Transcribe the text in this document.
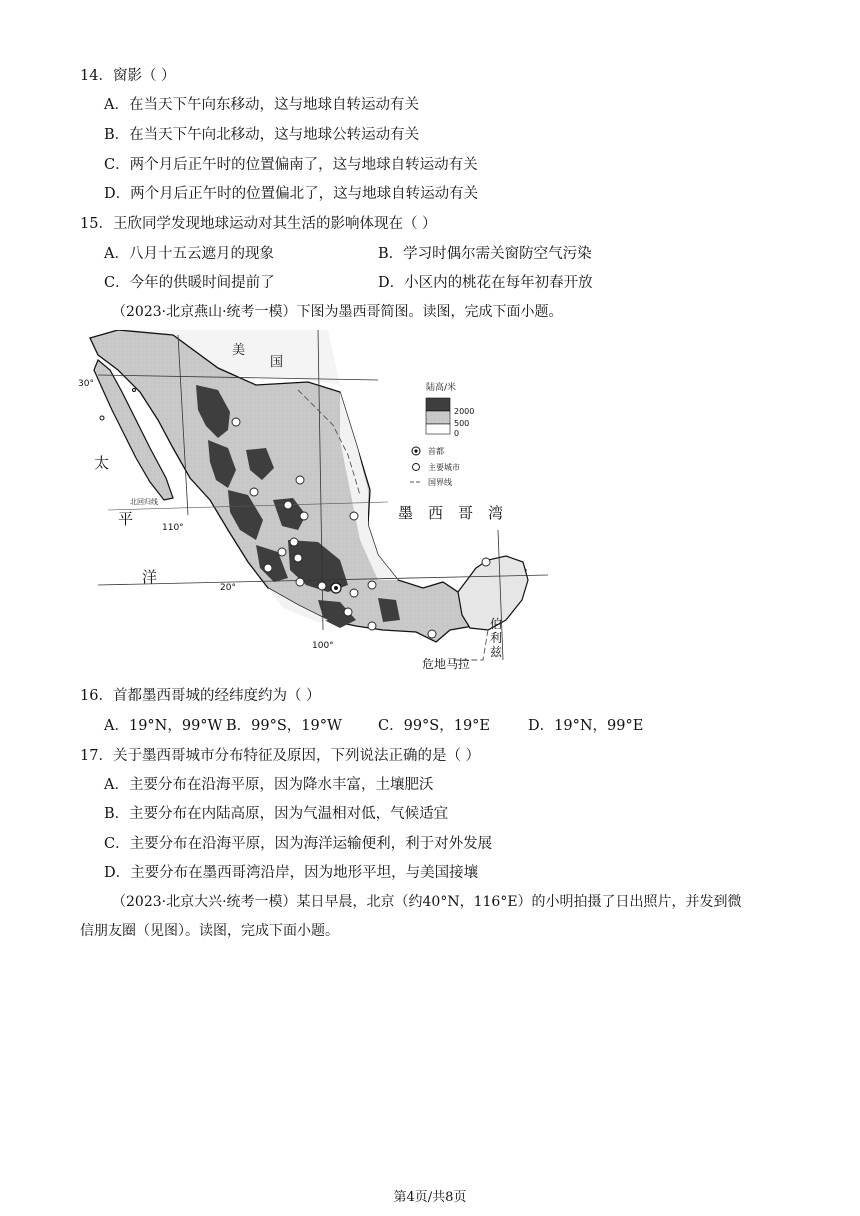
14．窗影（ ）
A．在当天下午向东移动，这与地球自转运动有关
B．在当天下午向北移动，这与地球公转运动有关
C．两个月后正午时的位置偏南了，这与地球自转运动有关
D．两个月后正午时的位置偏北了，这与地球自转运动有关
15．王欣同学发现地球运动对其生活的影响体现在（ ）
A．八月十五云遮月的现象	B．学习时偶尔需关窗防空气污染
C．今年的供暖时间提前了	D．小区内的桃花在每年初春开放
（2023·北京燕山·统考一模）下图为墨西哥简图。读图，完成下面小题。
美
国
太
平
洋
墨　西　哥　湾
危地马拉
伯
利
兹
北回归线
30°
20°
110°
100°
陆高/米
2000
500
0
首都
主要城市
国界线
16．首都墨西哥城的经纬度约为（ ）
A．19°N，99°W B．99°S，19°W C．99°S，19°E	D．19°N，99°E
17．关于墨西哥城市分布特征及原因，下列说法正确的是（ ）
A．主要分布在沿海平原，因为降水丰富，土壤肥沃
B．主要分布在内陆高原，因为气温相对低，气候适宜
C．主要分布在沿海平原，因为海洋运输便利，利于对外发展
D．主要分布在墨西哥湾沿岸，因为地形平坦，与美国接壤
（2023·北京大兴·统考一模）某日早晨，北京（约40°N，116°E）的小明拍摄了日出照片，并发到微
信朋友圈（见图）。读图，完成下面小题。
第4页/共8页
